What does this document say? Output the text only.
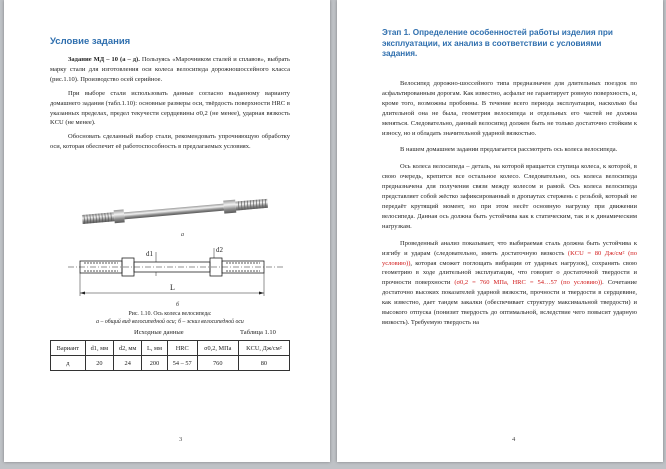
Условие задания

Задание МД – 10 (а – д). Пользуясь «Марочником сталей и сплавов», выбрать марку стали для изготовления оси колеса велосипеда дорожношоссейного класса (рис.1.10). Производство осей серийное.

При выборе стали использовать данные согласно выданному варианту домашнего задания (табл.1.10): основные размеры оси, твёрдость поверхности HRC в указанных пределах, предел текучести сердцевины σ0,2 (не менее), ударная вязкость KCU (не менее).

Обосновать сделанный выбор стали, рекомендовать упрочняющую обработку оси, которая обеспечит её работоспособность в предлагаемых условиях.

а
d1	d2
L
б
Рис. 1.10. Ось колеса велосипеда:
а – общий вид велосипедной оси; б – эскиз велосипедной оси
Исходные данные	Таблица 1.10
Вариант	d1, мм	d2, мм	L, мм	HRC	σ0,2, МПа	KCU, Дж/см²
д	20	24	200	54 – 57	760	80
3
Этап 1. Определение особенностей работы изделия при эксплуатации, их анализ в соответствии с условиями задания.

Велосипед дорожно-шоссейного типа предназначен для длительных поездок по асфальтированным дорогам. Как известно, асфальт не гарантирует ровную поверхность, и, кроме того, возможны пробоины. В течение всего периода эксплуатации, насколько бы длительной она не была, геометрия велосипеда и отдельных его частей не должна меняться. Следовательно, данный велосипед должен быть не только достаточно стойким к износу, но и обладать значительной ударной вязкостью.

В нашем домашнем задании предлагается рассмотреть ось колеса велосипеда.

Ось колеса велосипеда – деталь, на которой вращается ступица колеса, к которой, в свою очередь, крепится все остальное колесо. Следовательно, ось колеса велосипеда предназначена для получения связи между колесом и рамой. Ось колеса велосипеда представляет собой жёстко зафиксированный в дропаутах стержень с резьбой, который не передаёт крутящий момент, но при этом несёт основную нагрузку при движении велосипеда. Данная ось должна быть устойчива как к статическим, так и к динамическим нагрузкам.

Проведенный анализ показывает, что выбираемая сталь должна быть устойчива к изгибу и ударам (следовательно, иметь достаточную вязкость (KCU = 80 Дж/см² (по условию)), которая сможет поглощать вибрации от ударных нагрузок), сохранять свою геометрию в ходе длительной эксплуатации, что говорит о достаточной твердости и прочности поверхности (σ0,2 = 760 МПа, HRC = 54…57 (по условию)). Сочетание достаточно высоких показателей ударной вязкости, прочности и твердости в сердцевине, как известно, дает тандем закалки (обеспечивает структуру максимальной твердости) и высокого отпуска (понизит твердость до оптимальной, вследствие чего повысит ударную вязкость). Требуемую твердость на

4
